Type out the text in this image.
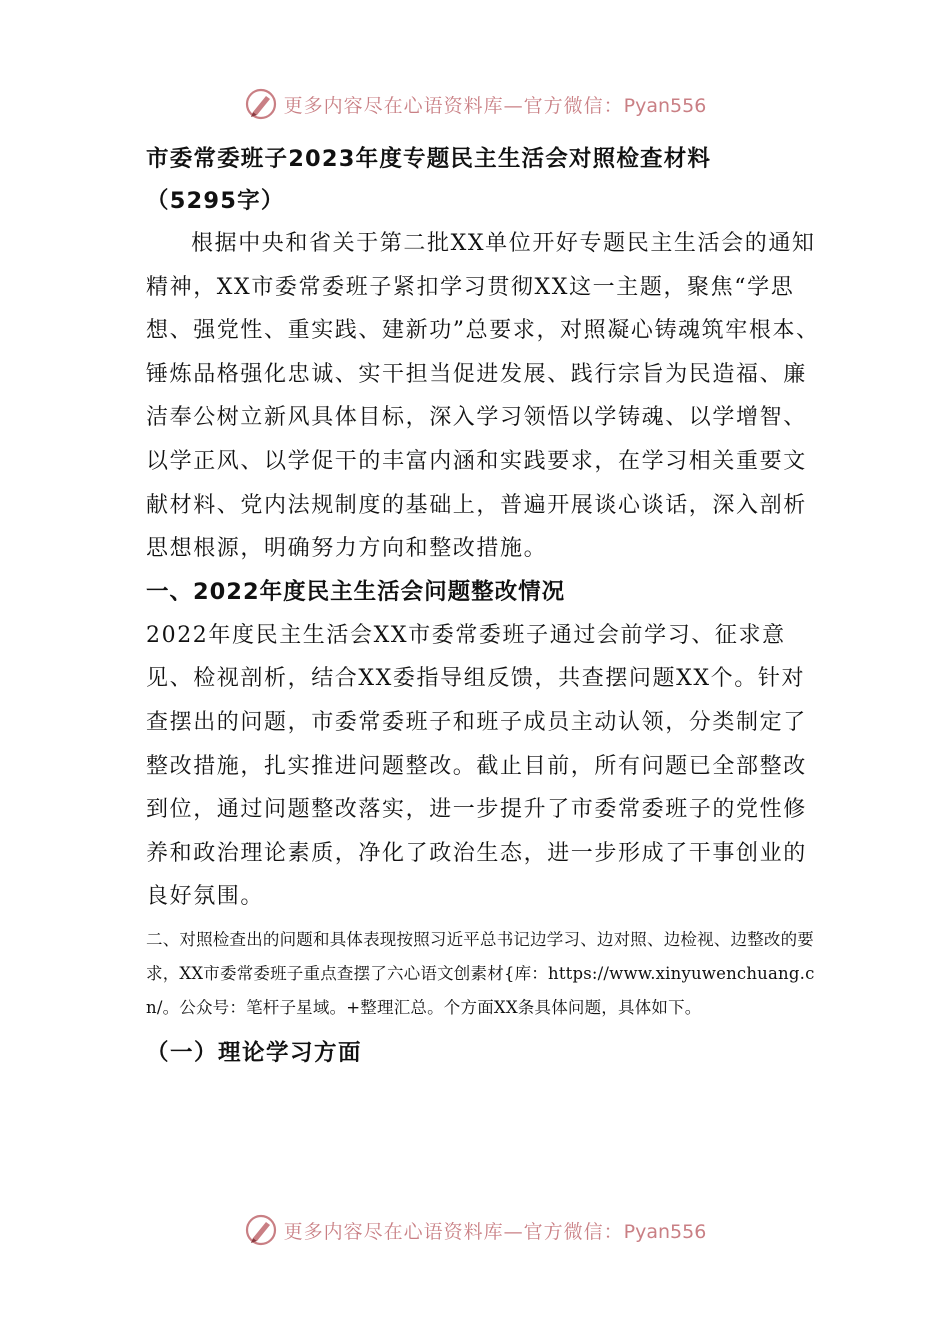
更多内容尽在心语资料库—官方微信：Pyan556

市委常委班子2023年度专题民主生活会对照检查材料

（5295字）

根据中央和省关于第二批XX单位开好专题民主生活会的通知精神，XX市委常委班子紧扣学习贯彻XX这一主题，聚焦“学思想、强党性、重实践、建新功”总要求，对照凝心铸魂筑牢根本、锤炼品格强化忠诚、实干担当促进发展、践行宗旨为民造福、廉洁奉公树立新风具体目标，深入学习领悟以学铸魂、以学增智、以学正风、以学促干的丰富内涵和实践要求，在学习相关重要文献材料、党内法规制度的基础上，普遍开展谈心谈话，深入剖析思想根源，明确努力方向和整改措施。

一、2022年度民主生活会问题整改情况

2022年度民主生活会XX市委常委班子通过会前学习、征求意见、检视剖析，结合XX委指导组反馈，共查摆问题XX个。针对查摆出的问题，市委常委班子和班子成员主动认领，分类制定了整改措施，扎实推进问题整改。截止目前，所有问题已全部整改到位，通过问题整改落实，进一步提升了市委常委班子的党性修养和政治理论素质，净化了政治生态，进一步形成了干事创业的良好氛围。

二、对照检查出的问题和具体表现按照习近平总书记边学习、边对照、边检视、边整改的要求，XX市委常委班子重点查摆了六心语文创素材{库：https://www.xinyuwenchuang.cn/。公众号：笔杆子星域。+整理汇总。个方面XX条具体问题，具体如下。

（一）理论学习方面

更多内容尽在心语资料库—官方微信：Pyan556
